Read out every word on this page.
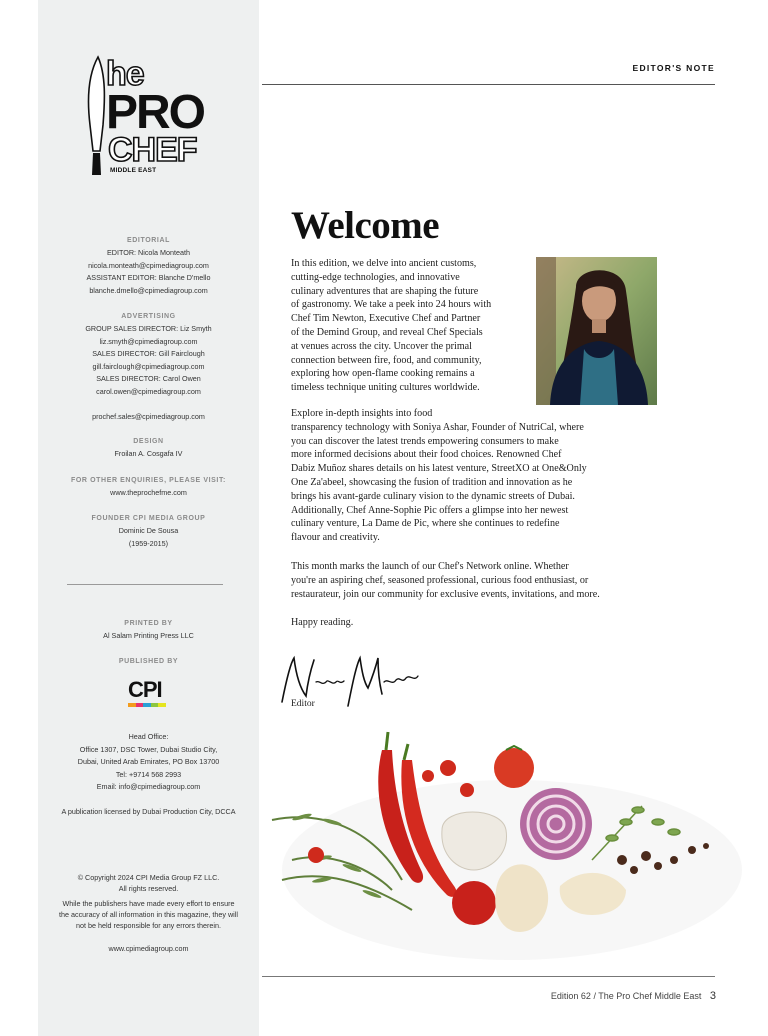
he
PRO
CHEF
MIDDLE EAST
EDITORIAL
EDITOR: Nicola Monteath
nicola.monteath@cpimediagroup.com
ASSISTANT EDITOR: Blanche D'mello
blanche.dmello@cpimediagroup.com
ADVERTISING
GROUP SALES DIRECTOR: Liz Smyth
liz.smyth@cpimediagroup.com
SALES DIRECTOR: Gill Fairclough
gill.fairclough@cpimediagroup.com
SALES DIRECTOR: Carol Owen
carol.owen@cpimediagroup.com
prochef.sales@cpimediagroup.com
DESIGN
Froilan A. Cosgafa IV
FOR OTHER ENQUIRIES, PLEASE VISIT:
www.theprochefme.com
FOUNDER CPI MEDIA GROUP
Dominic De Sousa
(1959-2015)
PRINTED BY
Al Salam Printing Press LLC
PUBLISHED BY
CPI
Head Office:
Office 1307, DSC Tower, Dubai Studio City,
Dubai, United Arab Emirates, PO Box 13700
Tel: +9714 568 2993
Email: info@cpimediagroup.com
A publication licensed by Dubai Production City, DCCA
© Copyright 2024 CPI Media Group FZ LLC.
All rights reserved.
While the publishers have made every effort to ensure
the accuracy of all information in this magazine, they will
not be held responsible for any errors therein.
www.cpimediagroup.com
EDITOR'S NOTE
Welcome
In this edition, we delve into ancient customs,
cutting-edge technologies, and innovative
culinary adventures that are shaping the future
of gastronomy. We take a peek into 24 hours with
Chef Tim Newton, Executive Chef and Partner
of the Demind Group, and reveal Chef Specials
at venues across the city. Uncover the primal
connection between fire, food, and community,
exploring how open-flame cooking remains a
timeless technique uniting cultures worldwide.
Explore in-depth insights into food
transparency technology with Soniya Ashar, Founder of NutriCal, where
you can discover the latest trends empowering consumers to make
more informed decisions about their food choices. Renowned Chef
Dabiz Muñoz shares details on his latest venture, StreetXO at One&Only
One Za'abeel, showcasing the fusion of tradition and innovation as he
brings his avant-garde culinary vision to the dynamic streets of Dubai.
Additionally, Chef Anne-Sophie Pic offers a glimpse into her newest
culinary venture, La Dame de Pic, where she continues to redefine
flavour and creativity.
This month marks the launch of our Chef's Network online. Whether
you're an aspiring chef, seasoned professional, curious food enthusiast, or
restaurateur, join our community for exclusive events, invitations, and more.
Happy reading.
Editor
Edition 62 / The Pro Chef Middle East 3
